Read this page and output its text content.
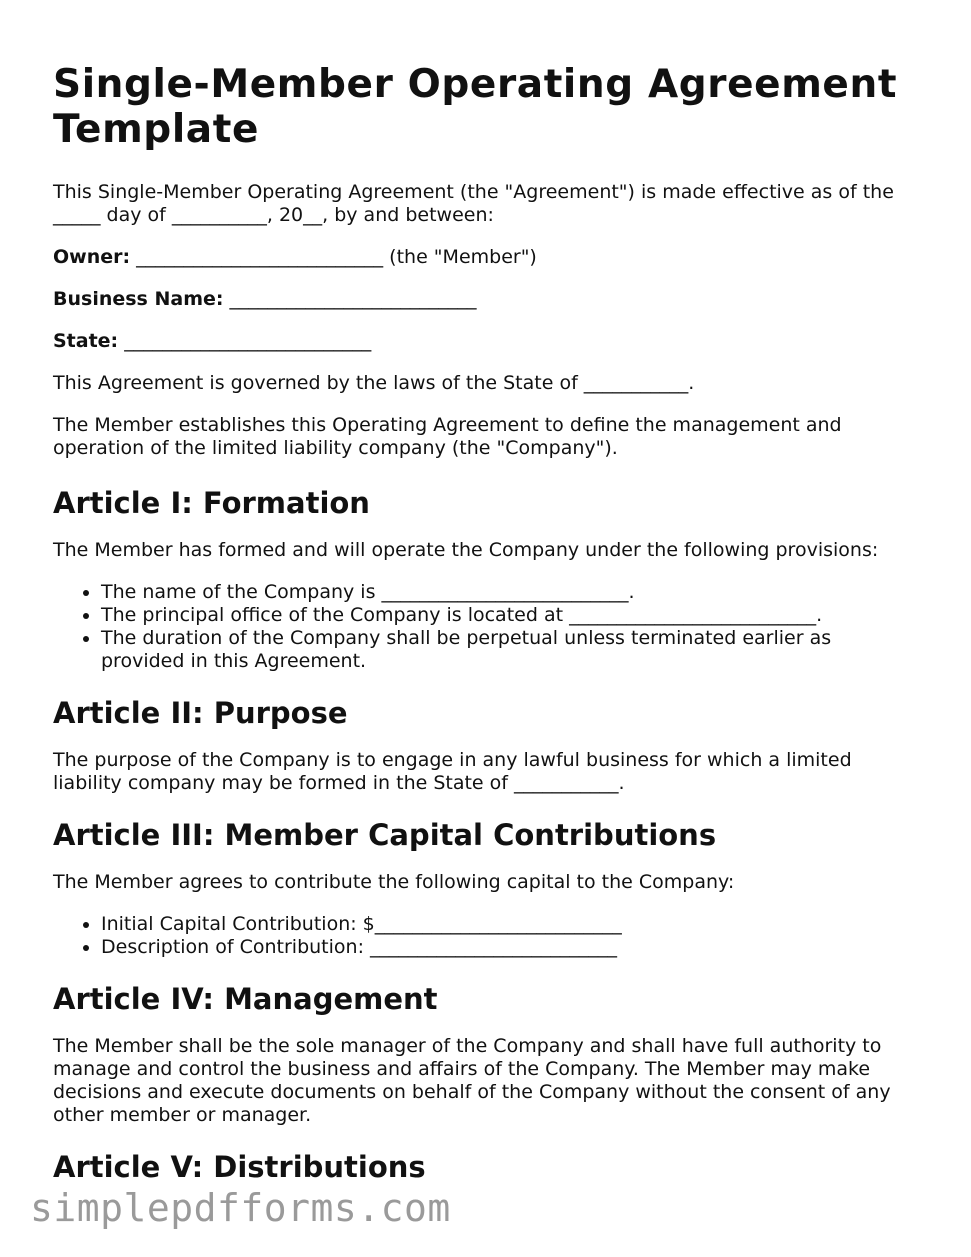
Single-Member Operating Agreement Template

This Single-Member Operating Agreement (the "Agreement") is made effective as of the _____ day of __________, 20__, by and between:

Owner: __________________________ (the "Member")

Business Name: __________________________

State: __________________________

This Agreement is governed by the laws of the State of ___________.

The Member establishes this Operating Agreement to define the management and operation of the limited liability company (the "Company").

Article I: Formation

The Member has formed and will operate the Company under the following provisions:

• The name of the Company is __________________________.
• The principal office of the Company is located at __________________________.
• The duration of the Company shall be perpetual unless terminated earlier as provided in this Agreement.
Article II: Purpose

The purpose of the Company is to engage in any lawful business for which a limited liability company may be formed in the State of ___________.

Article III: Member Capital Contributions

The Member agrees to contribute the following capital to the Company:

• Initial Capital Contribution: $__________________________
• Description of Contribution: __________________________
Article IV: Management

The Member shall be the sole manager of the Company and shall have full authority to manage and control the business and affairs of the Company. The Member may make decisions and execute documents on behalf of the Company without the consent of any other member or manager.

Article V: Distributions
simplepdfforms.com
